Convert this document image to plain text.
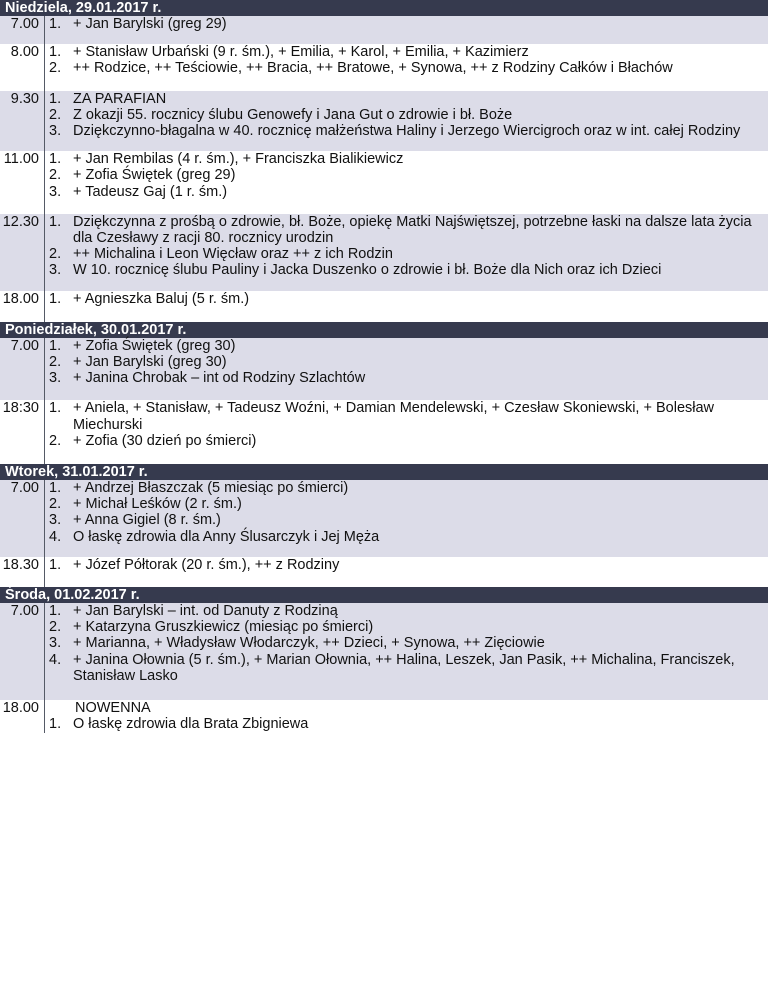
Niedziela, 29.01.2017 r.
7.00 1. + Jan Barylski (greg 29)
8.00 1. + Stanisław Urbański (9 r. śm.), + Emilia, + Karol, + Emilia, + Kazimierz
2. ++ Rodzice, ++ Teściowie, ++ Bracia, ++ Bratowe, + Synowa, ++ z Rodziny Całków i Błachów
9.30 1. ZA PARAFIAN
2. Z okazji 55. rocznicy ślubu Genowefy i Jana Gut o zdrowie i bł. Boże
3. Dziękczynno-błagalna w 40. rocznicę małżeństwa Haliny i Jerzego Wiercigroch oraz w int. całej Rodziny
11.00 1. + Jan Rembilas (4 r. śm.), + Franciszka Bialikiewicz
2. + Zofia Świętek (greg 29)
3. + Tadeusz Gaj (1 r. śm.)
12.30 1. Dziękczynna z prośbą o zdrowie, bł. Boże, opiekę Matki Najświętszej, potrzebne łaski na dalsze lata życia dla Czesławy z racji 80. rocznicy urodzin
2. ++ Michalina i Leon Więcław oraz ++ z ich Rodzin
3. W 10. rocznicę ślubu Pauliny i Jacka Duszenko o zdrowie i bł. Boże dla Nich oraz ich Dzieci
18.00 1. + Agnieszka Baluj (5 r. śm.)
Poniedziałek, 30.01.2017 r.
7.00 1. + Zofia Świętek (greg 30)
2. + Jan Barylski (greg 30)
3. + Janina Chrobak – int od Rodziny Szlachtów
18:30 1. + Aniela, + Stanisław, + Tadeusz Woźni, + Damian Mendelewski, + Czesław Skoniewski, + Bolesław Miechurski
2. + Zofia (30 dzień po śmierci)
Wtorek, 31.01.2017 r.
7.00 1. + Andrzej Błaszczak (5 miesiąc po śmierci)
2. + Michał Leśków (2 r. śm.)
3. + Anna Gigiel (8 r. śm.)
4. O łaskę zdrowia dla Anny Ślusarczyk i Jej Męża
18.30 1. + Józef Półtorak (20 r. śm.), ++ z Rodziny
Środa, 01.02.2017 r.
7.00 1. + Jan Barylski – int. od Danuty z Rodziną
2. + Katarzyna Gruszkiewicz (miesiąc po śmierci)
3. + Marianna, + Władysław Włodarczyk, ++ Dzieci, + Synowa, ++ Zięciowie
4. + Janina Ołownia (5 r. śm.), + Marian Ołownia, ++ Halina, Leszek, Jan Pasik, ++ Michalina, Franciszek, Stanisław Lasko
18.00	NOWENNA
1. O łaskę zdrowia dla Brata Zbigniewa
